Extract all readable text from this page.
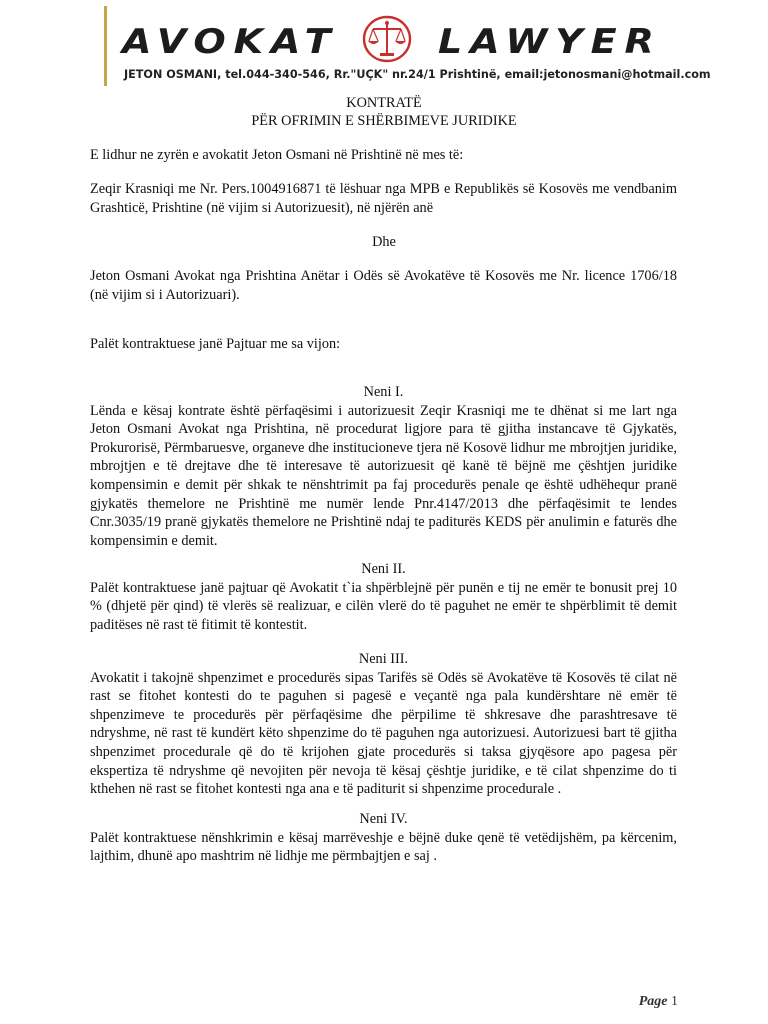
AVOKAT	LAWYER
JETON OSMANI, tel.044-340-546, Rr."UÇK" nr.24/1 Prishtinë, email:jetonosmani@hotmail.com
KONTRATË
PËR OFRIMIN E SHËRBIMEVE JURIDIKE
E lidhur ne zyrën e avokatit Jeton Osmani në Prishtinë në mes të:
Zeqir Krasniqi me Nr. Pers.1004916871 të lëshuar nga MPB e Republikës së Kosovës me vendbanim Grashticë, Prishtine (në vijim si Autorizuesit), në njërën anë
Dhe
Jeton Osmani Avokat nga Prishtina Anëtar i Odës së Avokatëve të Kosovës me Nr. licence 1706/18 (në vijim si i Autorizuari).
Palët kontraktuese janë Pajtuar me sa vijon:
Neni I.
Lënda e kësaj kontrate është përfaqësimi i autorizuesit Zeqir Krasniqi me te dhënat si me lart nga Jeton Osmani Avokat nga Prishtina, në procedurat ligjore para të gjitha instancave të Gjykatës, Prokurorisë, Përmbaruesve, organeve dhe institucioneve tjera në Kosovë lidhur me mbrojtjen juridike, mbrojtjen e të drejtave dhe të interesave të autorizuesit që kanë të bëjnë me çështjen juridike kompensimin e demit për shkak te nënshtrimit pa faj procedurës penale qe është udhëhequr pranë gjykatës themelore ne Prishtinë me numër lende Pnr.4147/2013 dhe përfaqësimit te lendes Cnr.3035/19 pranë gjykatës themelore ne Prishtinë ndaj te paditurës KEDS për anulimin e faturës dhe kompensimin e demit.
Neni II.
Palët kontraktuese janë pajtuar që Avokatit t`ia shpërblejnë për punën e tij ne emër te bonusit prej 10 % (dhjetë për qind) të vlerës së realizuar, e cilën vlerë do të paguhet ne emër te shpërblimit të demit paditëses në rast të fitimit të kontestit.
Neni III.
Avokatit i takojnë shpenzimet e procedurës sipas Tarifës së Odës së Avokatëve të Kosovës të cilat në rast se fitohet kontesti do te paguhen si pagesë e veçantë nga pala kundërshtare në emër të shpenzimeve te procedurës për përfaqësime dhe përpilime të shkresave dhe parashtresave të ndryshme, në rast të kundërt këto shpenzime do të paguhen nga autorizuesi. Autorizuesi bart të gjitha shpenzimet procedurale që do të krijohen gjate procedurës si taksa gjyqësore apo pagesa për ekspertiza të ndryshme që nevojiten për nevoja të kësaj çështje juridike, e të cilat shpenzime do ti kthehen në rast se fitohet kontesti nga ana e të paditurit si shpenzime procedurale .
Neni IV.
Palët kontraktuese nënshkrimin e kësaj marrëveshje e bëjnë duke qenë të vetëdijshëm, pa kërcenim, lajthim, dhunë apo mashtrim në lidhje me përmbajtjen e saj .
Page 1
